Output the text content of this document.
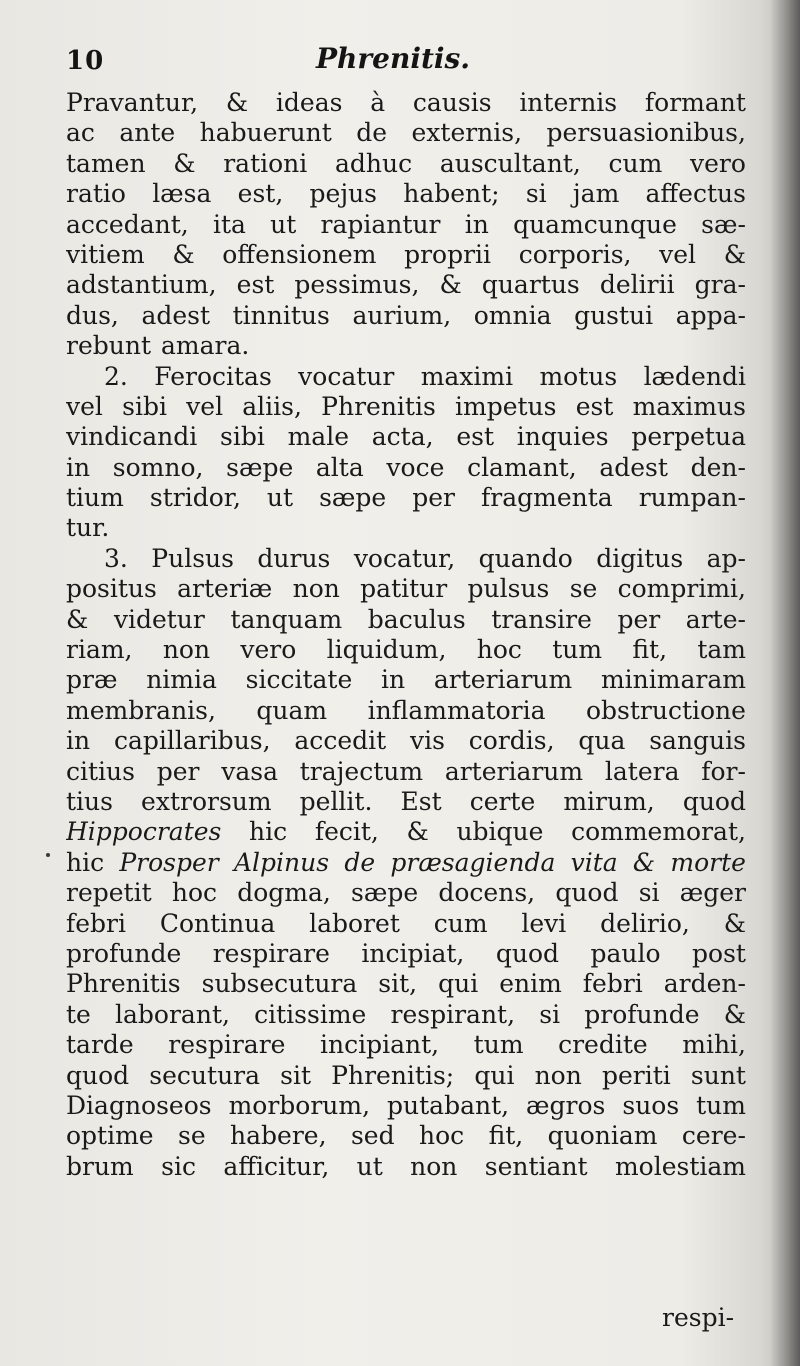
10	Phrenitis.
Pravantur, & ideas à causis internis formant
ac ante habuerunt de externis, persuasionibus,
tamen & rationi adhuc auscultant, cum vero
ratio læsa est, pejus habent; si jam affectus
accedant, ita ut rapiantur in quamcunque sæ-
vitiem & offensionem proprii corporis, vel &
adstantium, est pessimus, & quartus delirii gra-
dus, adest tinnitus aurium, omnia gustui appa-
rebunt amara.
2. Ferocitas vocatur maximi motus lædendi
vel sibi vel aliis, Phrenitis impetus est maximus
vindicandi sibi male acta, est inquies perpetua
in somno, sæpe alta voce clamant, adest den-
tium stridor, ut sæpe per fragmenta rumpan-
tur.
3. Pulsus durus vocatur, quando digitus ap-
positus arteriæ non patitur pulsus se comprimi,
& videtur tanquam baculus transire per arte-
riam, non vero liquidum, hoc tum fit, tam
præ nimia siccitate in arteriarum minimaram
membranis, quam inflammatoria obstructione
in capillaribus, accedit vis cordis, qua sanguis
citius per vasa trajectum arteriarum latera for-
tius extrorsum pellit. Est certe mirum, quod
Hippocrates hic fecit, & ubique commemorat,
hic Prosper Alpinus de præsagienda vita & morte
repetit hoc dogma, sæpe docens, quod si æger
febri Continua laboret cum levi delirio, &
profunde respirare incipiat, quod paulo post
Phrenitis subsecutura sit, qui enim febri arden-
te laborant, citissime respirant, si profunde &
tarde respirare incipiant, tum credite mihi,
quod secutura sit Phrenitis; qui non periti sunt
Diagnoseos morborum, putabant, ægros suos tum
optime se habere, sed hoc fit, quoniam cere-
brum sic afficitur, ut non sentiant molestiam
respi-
